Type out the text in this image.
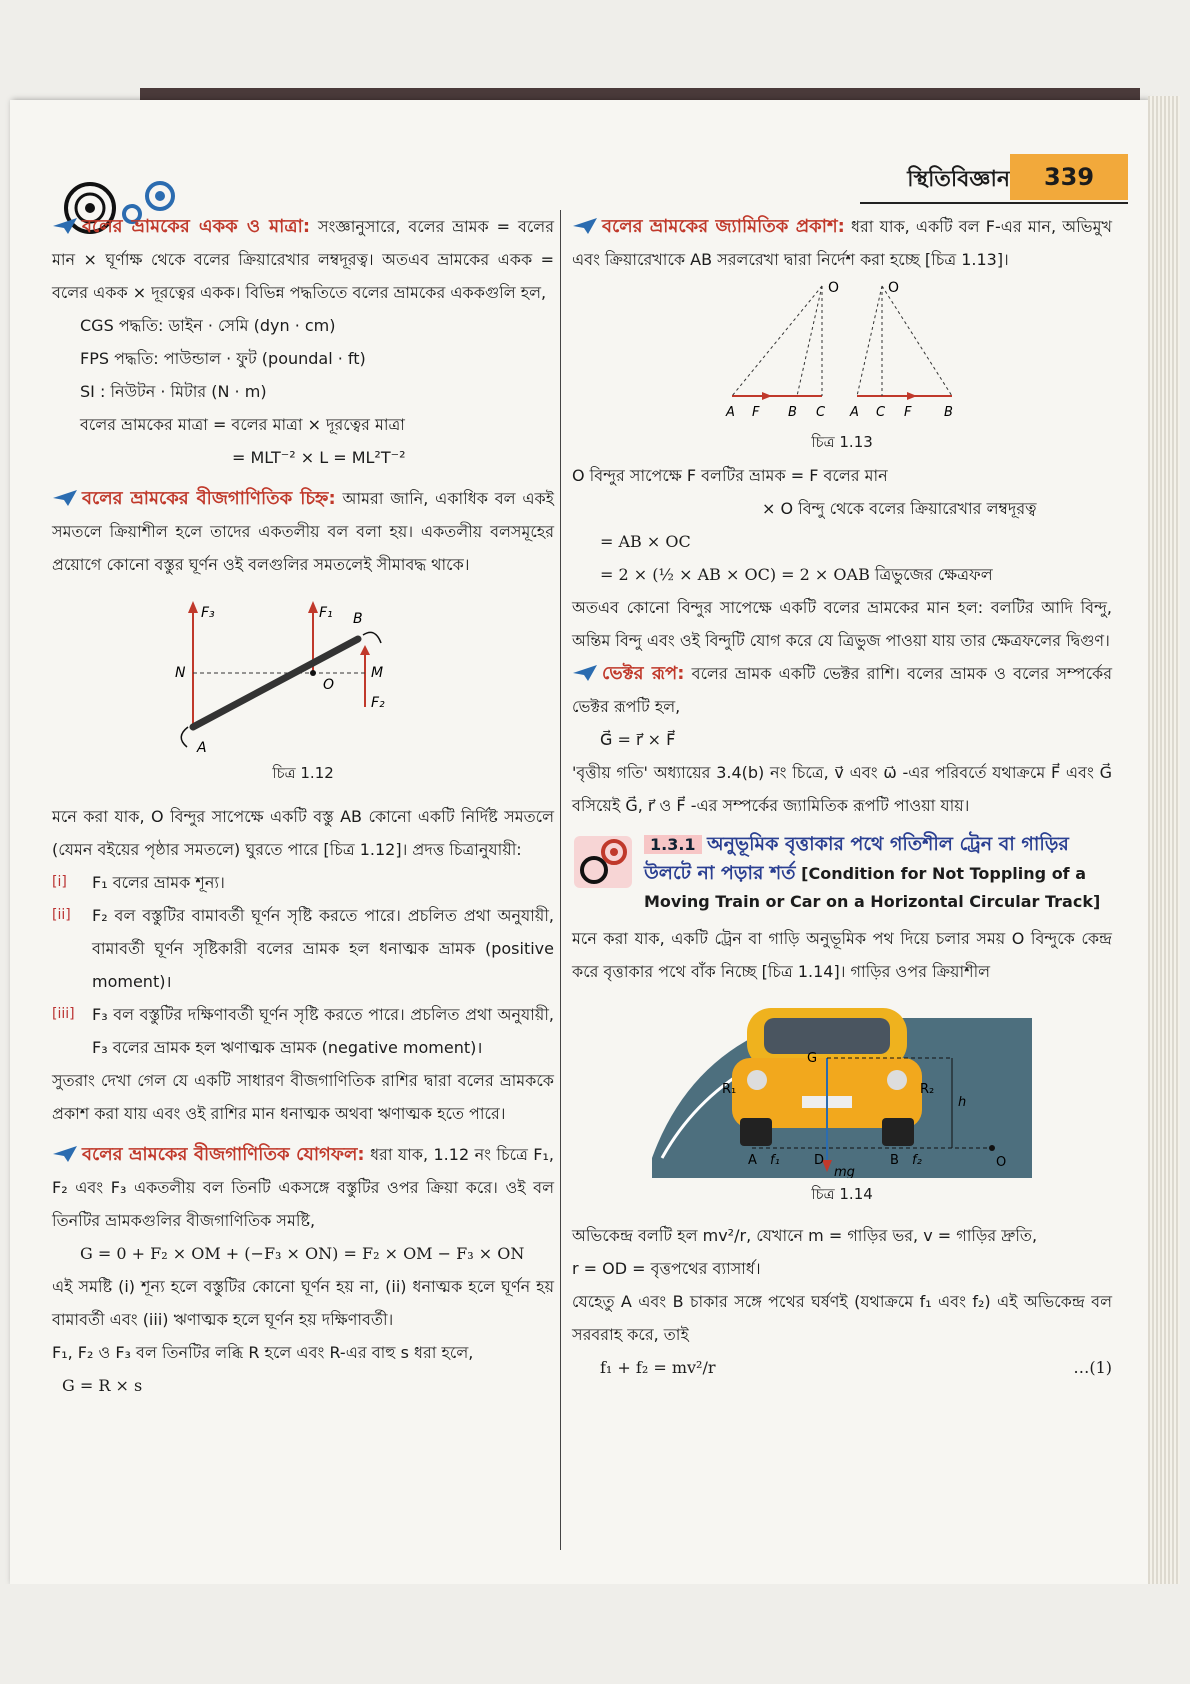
স্থিতিবিজ্ঞান	339

বলের ভ্রামকের একক ও মাত্রা: সংজ্ঞানুসারে, বলের ভ্রামক = বলের মান × ঘূর্ণাক্ষ থেকে বলের ক্রিয়ারেখার লম্বদূরত্ব। অতএব ভ্রামকের একক = বলের একক × দূরত্বের একক। বিভিন্ন পদ্ধতিতে বলের ভ্রামকের এককগুলি হল,

CGS পদ্ধতি: ডাইন · সেমি (dyn · cm)

FPS পদ্ধতি: পাউন্ডাল · ফুট (poundal · ft)

SI : নিউটন · মিটার (N · m)

বলের ভ্রামকের মাত্রা = বলের মাত্রা × দূরত্বের মাত্রা

= MLT⁻² × L = ML²T⁻²

বলের ভ্রামকের বীজগাণিতিক চিহ্ন: আমরা জানি, একাধিক বল একই সমতলে ক্রিয়াশীল হলে তাদের একতলীয় বল বলা হয়। একতলীয় বলসমূহের প্রয়োগে কোনো বস্তুর ঘূর্ণন ওই বলগুলির সমতলেই সীমাবদ্ধ থাকে।

F₃	F₁ B
N
O
M
F₂
A

চিত্র 1.12

মনে করা যাক, O বিন্দুর সাপেক্ষে একটি বস্তু AB কোনো একটি নির্দিষ্ট সমতলে (যেমন বইয়ের পৃষ্ঠার সমতলে) ঘুরতে পারে [চিত্র 1.12]। প্রদত্ত চিত্রানুযায়ী:

[i]	F₁ বলের ভ্রামক শূন্য।
[ii]	F₂ বল বস্তুটির বামাবর্তী ঘূর্ণন সৃষ্টি করতে পারে। প্রচলিত প্রথা অনুযায়ী, বামাবর্তী ঘূর্ণন সৃষ্টিকারী বলের ভ্রামক হল ধনাত্মক ভ্রামক (positive moment)।
[iii]	F₃ বল বস্তুটির দক্ষিণাবর্তী ঘূর্ণন সৃষ্টি করতে পারে। প্রচলিত প্রথা অনুযায়ী, F₃ বলের ভ্রামক হল ঋণাত্মক ভ্রামক (negative moment)।

সুতরাং দেখা গেল যে একটি সাধারণ বীজগাণিতিক রাশির দ্বারা বলের ভ্রামককে প্রকাশ করা যায় এবং ওই রাশির মান ধনাত্মক অথবা ঋণাত্মক হতে পারে।

বলের ভ্রামকের বীজগাণিতিক যোগফল: ধরা যাক, 1.12 নং চিত্রে F₁, F₂ এবং F₃ একতলীয় বল তিনটি একসঙ্গে বস্তুটির ওপর ক্রিয়া করে। ওই বল তিনটির ভ্রামকগুলির বীজগাণিতিক সমষ্টি,

G = 0 + F₂ × OM + (−F₃ × ON) = F₂ × OM − F₃ × ON

এই সমষ্টি (i) শূন্য হলে বস্তুটির কোনো ঘূর্ণন হয় না, (ii) ধনাত্মক হলে ঘূর্ণন হয় বামাবর্তী এবং (iii) ঋণাত্মক হলে ঘূর্ণন হয় দক্ষিণাবর্তী।

F₁, F₂ ও F₃ বল তিনটির লব্ধি R হলে এবং R-এর বাহু s ধরা হলে,

G = R × s

বলের ভ্রামকের জ্যামিতিক প্রকাশ: ধরা যাক, একটি বল F-এর মান, অভিমুখ এবং ক্রিয়ারেখাকে AB সরলরেখা দ্বারা নির্দেশ করা হচ্ছে [চিত্র 1.13]।

O	O
A F B C A C F	B

চিত্র 1.13

O বিন্দুর সাপেক্ষে F বলটির ভ্রামক = F বলের মান

× O বিন্দু থেকে বলের ক্রিয়ারেখার লম্বদূরত্ব

= AB × OC

= 2 × (½ × AB × OC) = 2 × OAB ত্রিভুজের ক্ষেত্রফল

অতএব কোনো বিন্দুর সাপেক্ষে একটি বলের ভ্রামকের মান হল: বলটির আদি বিন্দু, অন্তিম বিন্দু এবং ওই বিন্দুটি যোগ করে যে ত্রিভুজ পাওয়া যায় তার ক্ষেত্রফলের দ্বিগুণ।

ভেক্টর রূপ: বলের ভ্রামক একটি ভেক্টর রাশি। বলের ভ্রামক ও বলের সম্পর্কের ভেক্টর রূপটি হল,

G⃗ = r⃗ × F⃗

'বৃত্তীয় গতি' অধ্যায়ের 3.4(b) নং চিত্রে, v⃗ এবং ω⃗ -এর পরিবর্তে যথাক্রমে F⃗ এবং G⃗ বসিয়েই G⃗, r⃗ ও F⃗ -এর সম্পর্কের জ্যামিতিক রূপটি পাওয়া যায়।

1.3.1 অনুভূমিক বৃত্তাকার পথে গতিশীল ট্রেন বা গাড়ির উলটে না পড়ার শর্ত [Condition for Not Toppling of a Moving Train or Car on a Horizontal Circular Track]

মনে করা যাক, একটি ট্রেন বা গাড়ি অনুভূমিক পথ দিয়ে চলার সময় O বিন্দুকে কেন্দ্র করে বৃত্তাকার পথে বাঁক নিচ্ছে [চিত্র 1.14]। গাড়ির ওপর ক্রিয়াশীল

G
R₁	R₂
h
A f₁	D	B f₂	O
mg

চিত্র 1.14

অভিকেন্দ্র বলটি হল mv²/r, যেখানে m = গাড়ির ভর, v = গাড়ির দ্রুতি,

r = OD = বৃত্তপথের ব্যাসার্ধ।

যেহেতু A এবং B চাকার সঙ্গে পথের ঘর্ষণই (যথাক্রমে f₁ এবং f₂) এই অভিকেন্দ্র বল সরবরাহ করে, তাই

…(1)
f₁ + f₂ = mv²/r
